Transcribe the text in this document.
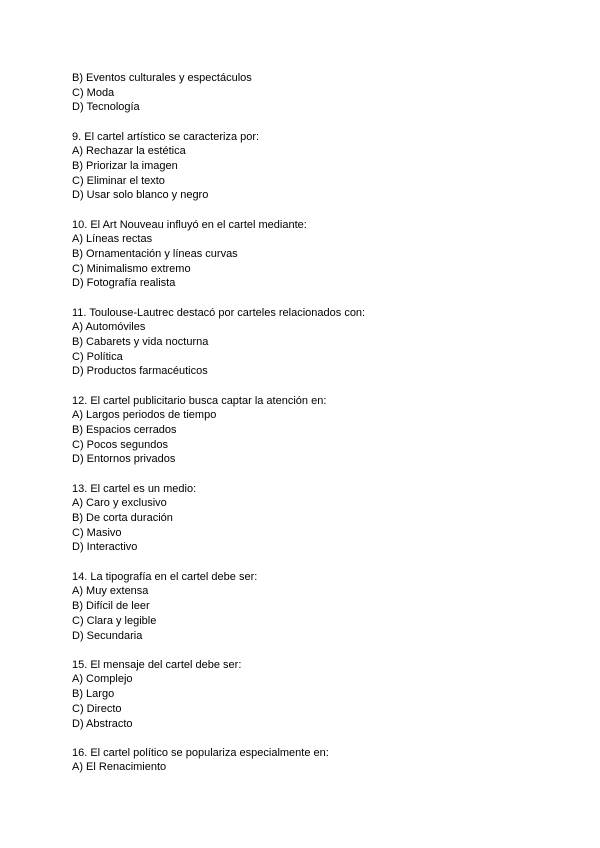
B) Eventos culturales y espectáculos
C) Moda
D) Tecnología
9. El cartel artístico se caracteriza por:
A) Rechazar la estética
B) Priorizar la imagen
C) Eliminar el texto
D) Usar solo blanco y negro
10. El Art Nouveau influyó en el cartel mediante:
A) Líneas rectas
B) Ornamentación y líneas curvas
C) Minimalismo extremo
D) Fotografía realista
11. Toulouse-Lautrec destacó por carteles relacionados con:
A) Automóviles
B) Cabarets y vida nocturna
C) Política
D) Productos farmacéuticos
12. El cartel publicitario busca captar la atención en:
A) Largos periodos de tiempo
B) Espacios cerrados
C) Pocos segundos
D) Entornos privados
13. El cartel es un medio:
A) Caro y exclusivo
B) De corta duración
C) Masivo
D) Interactivo
14. La tipografía en el cartel debe ser:
A) Muy extensa
B) Difícil de leer
C) Clara y legible
D) Secundaria
15. El mensaje del cartel debe ser:
A) Complejo
B) Largo
C) Directo
D) Abstracto
16. El cartel político se populariza especialmente en:
A) El Renacimiento
